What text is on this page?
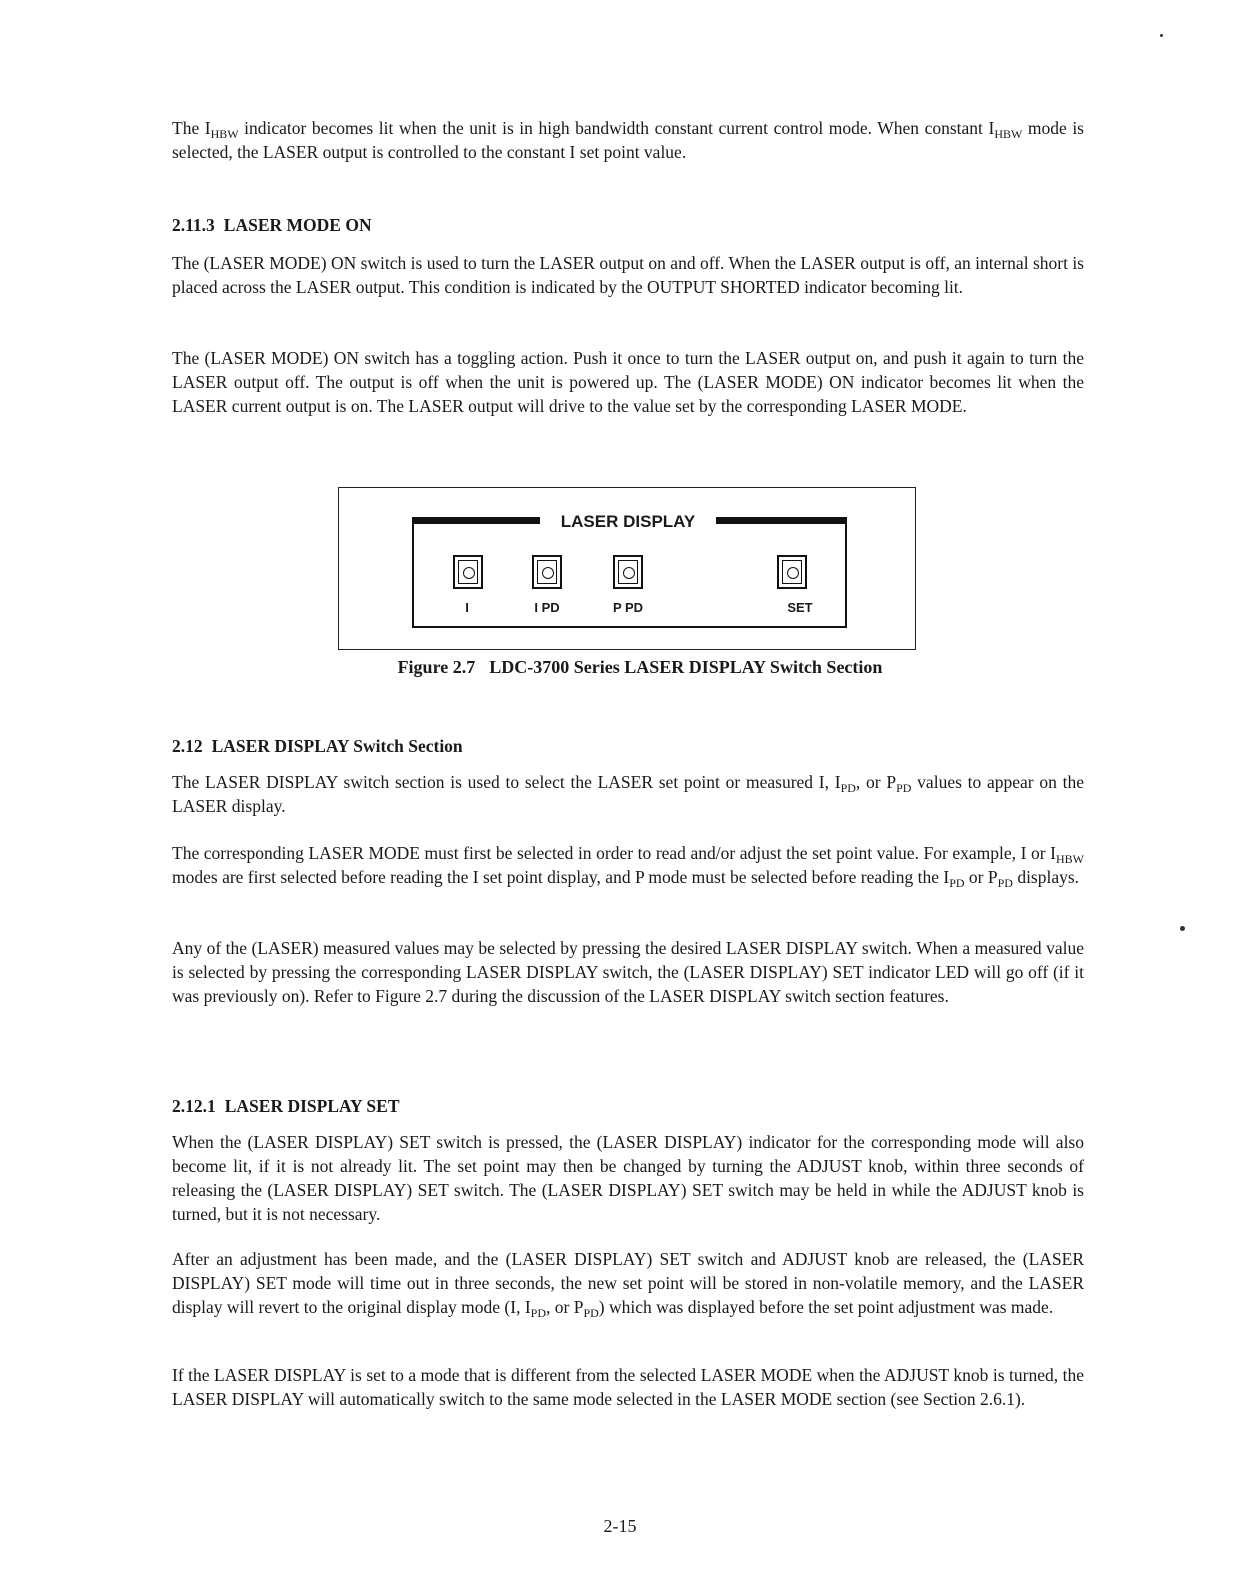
The $I_{HBW}$ indicator becomes lit when the unit is in high bandwidth constant current control mode. When constant $I_{HBW}$ mode is selected, the LASER output is controlled to the constant I set point value.

2.11.3 LASER MODE ON

The (LASER MODE) ON switch is used to turn the LASER output on and off. When the LASER output is off, an internal short is placed across the LASER output. This condition is indicated by the OUTPUT SHORTED indicator becoming lit.

The (LASER MODE) ON switch has a toggling action. Push it once to turn the LASER output on, and push it again to turn the LASER output off. The output is off when the unit is powered up. The (LASER MODE) ON indicator becomes lit when the LASER current output is on. The LASER output will drive to the value set by the corresponding LASER MODE.

LASER DISPLAY
I	I PD	P PD	SET
Figure 2.7 LDC-3700 Series LASER DISPLAY Switch Section
2.12 LASER DISPLAY Switch Section

The LASER DISPLAY switch section is used to select the LASER set point or measured I, $I_{PD}$, or $P_{PD}$ values to appear on the LASER display.

The corresponding LASER MODE must first be selected in order to read and/or adjust the set point value. For example, I or $I_{HBW}$ modes are first selected before reading the I set point display, and P mode must be selected before reading the $I_{PD}$ or $P_{PD}$ displays.

Any of the (LASER) measured values may be selected by pressing the desired LASER DISPLAY switch. When a measured value is selected by pressing the corresponding LASER DISPLAY switch, the (LASER DISPLAY) SET indicator LED will go off (if it was previously on). Refer to Figure 2.7 during the discussion of the LASER DISPLAY switch section features.

2.12.1 LASER DISPLAY SET

When the (LASER DISPLAY) SET switch is pressed, the (LASER DISPLAY) indicator for the corresponding mode will also become lit, if it is not already lit. The set point may then be changed by turning the ADJUST knob, within three seconds of releasing the (LASER DISPLAY) SET switch. The (LASER DISPLAY) SET switch may be held in while the ADJUST knob is turned, but it is not necessary.

After an adjustment has been made, and the (LASER DISPLAY) SET switch and ADJUST knob are released, the (LASER DISPLAY) SET mode will time out in three seconds, the new set point will be stored in non-volatile memory, and the LASER display will revert to the original display mode (I, $I_{PD}$, or $P_{PD}$) which was displayed before the set point adjustment was made.

If the LASER DISPLAY is set to a mode that is different from the selected LASER MODE when the ADJUST knob is turned, the LASER DISPLAY will automatically switch to the same mode selected in the LASER MODE section (see Section 2.6.1).

2-15
